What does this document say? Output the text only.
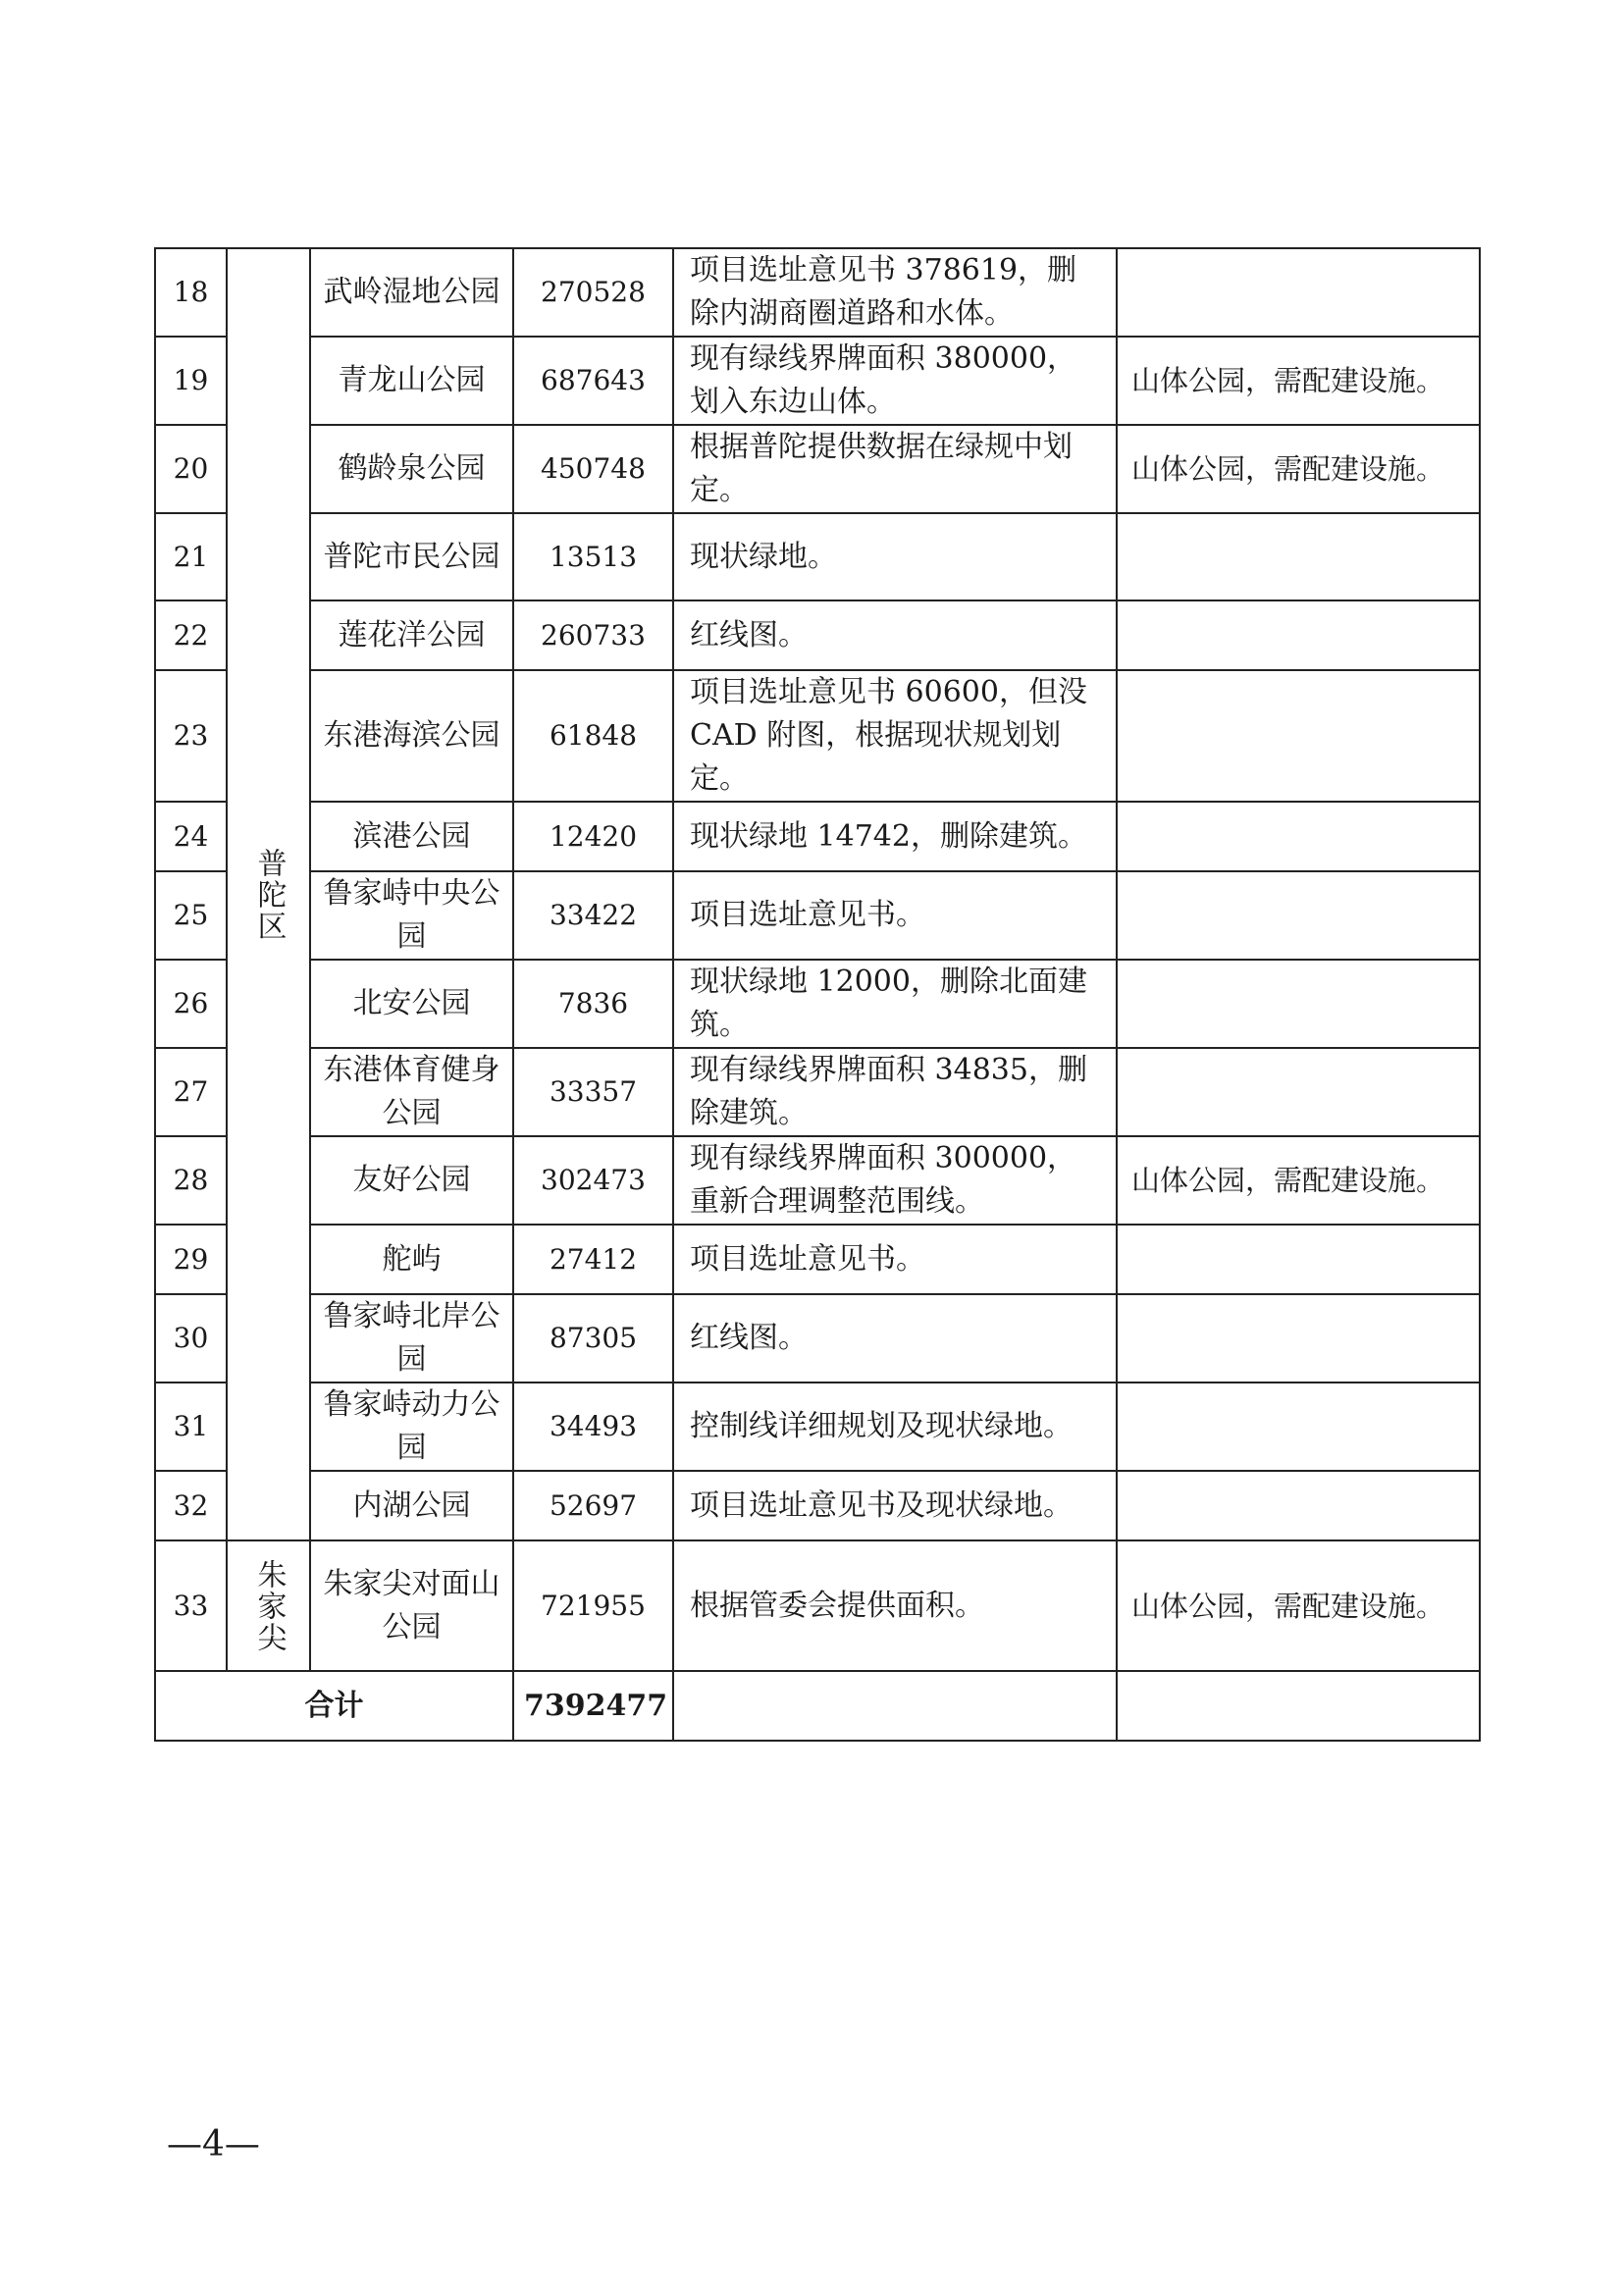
18	普陀区	武岭湿地公园	270528	项目选址意见书 378619，删除内湖商圈道路和水体。	
19		青龙山公园	687643	现有绿线界牌面积 380000，划入东边山体。	山体公园，需配建设施。
20		鹤龄泉公园	450748	根据普陀提供数据在绿规中划定。	山体公园，需配建设施。
21		普陀市民公园	13513	现状绿地。	
22		莲花洋公园	260733	红线图。	
23		东港海滨公园	61848	项目选址意见书 60600，但没CAD 附图，根据现状规划划定。	
24		滨港公园	12420	现状绿地 14742，删除建筑。	
25		鲁家峙中央公园	33422	项目选址意见书。	
26		北安公园	7836	现状绿地 12000，删除北面建筑。	
27		东港体育健身公园	33357	现有绿线界牌面积 34835，删除建筑。	
28		友好公园	302473	现有绿线界牌面积 300000，重新合理调整范围线。	山体公园，需配建设施。
29		舵屿	27412	项目选址意见书。	
30		鲁家峙北岸公园	87305	红线图。	
31		鲁家峙动力公园	34493	控制线详细规划及现状绿地。	
32		内湖公园	52697	项目选址意见书及现状绿地。	
33	朱家尖	朱家尖对面山公园	721955	根据管委会提供面积。	山体公园，需配建设施。
合计			7392477		
—4—
